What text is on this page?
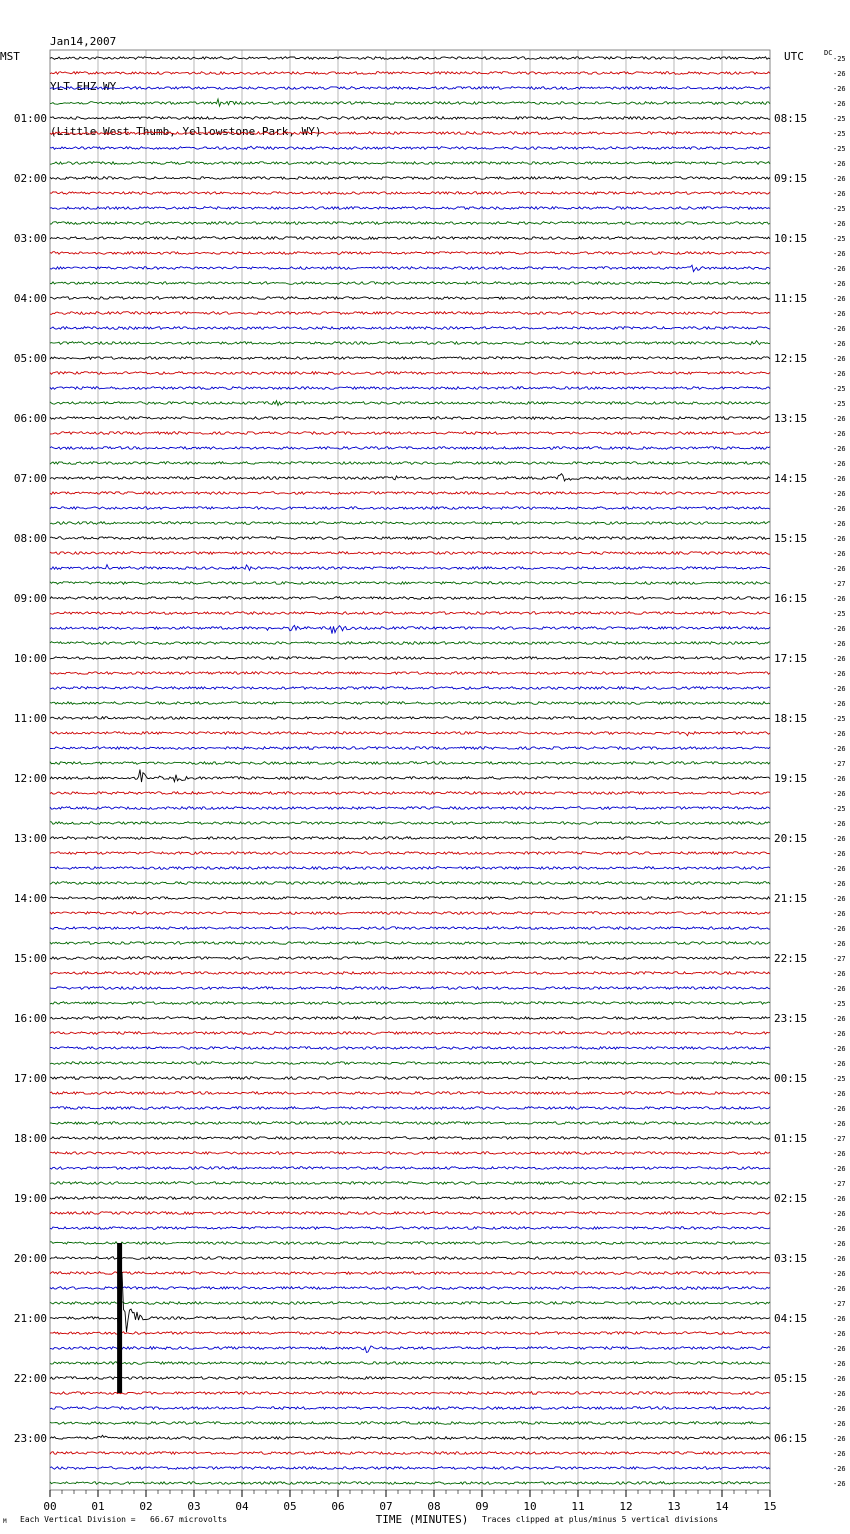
Jan14,2007

YLT EHZ WY

(Little West Thumb, Yellowstone Park, WY)

MST	UTC	DC
01:00
02:00
03:00
04:00
05:00
06:00
07:00
08:00
09:00
10:00
11:00
12:00
13:00
14:00
15:00
16:00
17:00
18:00
19:00
20:00
21:00
22:00
23:00
08:15
09:15
10:15
11:15
12:15
13:15
14:15
15:15
16:15
17:15
18:15
19:15
20:15
21:15
22:15
23:15
00:15
01:15
02:15
03:15
04:15
05:15
06:15
-25
-26
-26
-26
-25
-25
-25
-26
-26
-26
-25
-26
-25
-26
-26
-26
-26
-26
-26
-26
-26
-26
-25
-25
-26
-26
-26
-26
-26
-26
-26
-26
-26
-26
-26
-27
-26
-25
-26
-26
-26
-26
-26
-26
-25
-26
-26
-27
-26
-26
-25
-26
-26
-26
-26
-26
-26
-26
-26
-26
-27
-26
-26
-25
-26
-26
-26
-26
-25
-26
-26
-26
-27
-26
-26
-27
-26
-26
-26
-26
-26
-26
-26
-27
-26
-26
-26
-26
-26
-26
-26
-26
-26
-26
-26
-26
00	01	02	03	04	05	06	07	08	09	10	11	12	13	14	15
TIME (MINUTES)
M Each Vertical Division =   66.67 microvolts	Traces clipped at plus/minus 5 vertical divisions
